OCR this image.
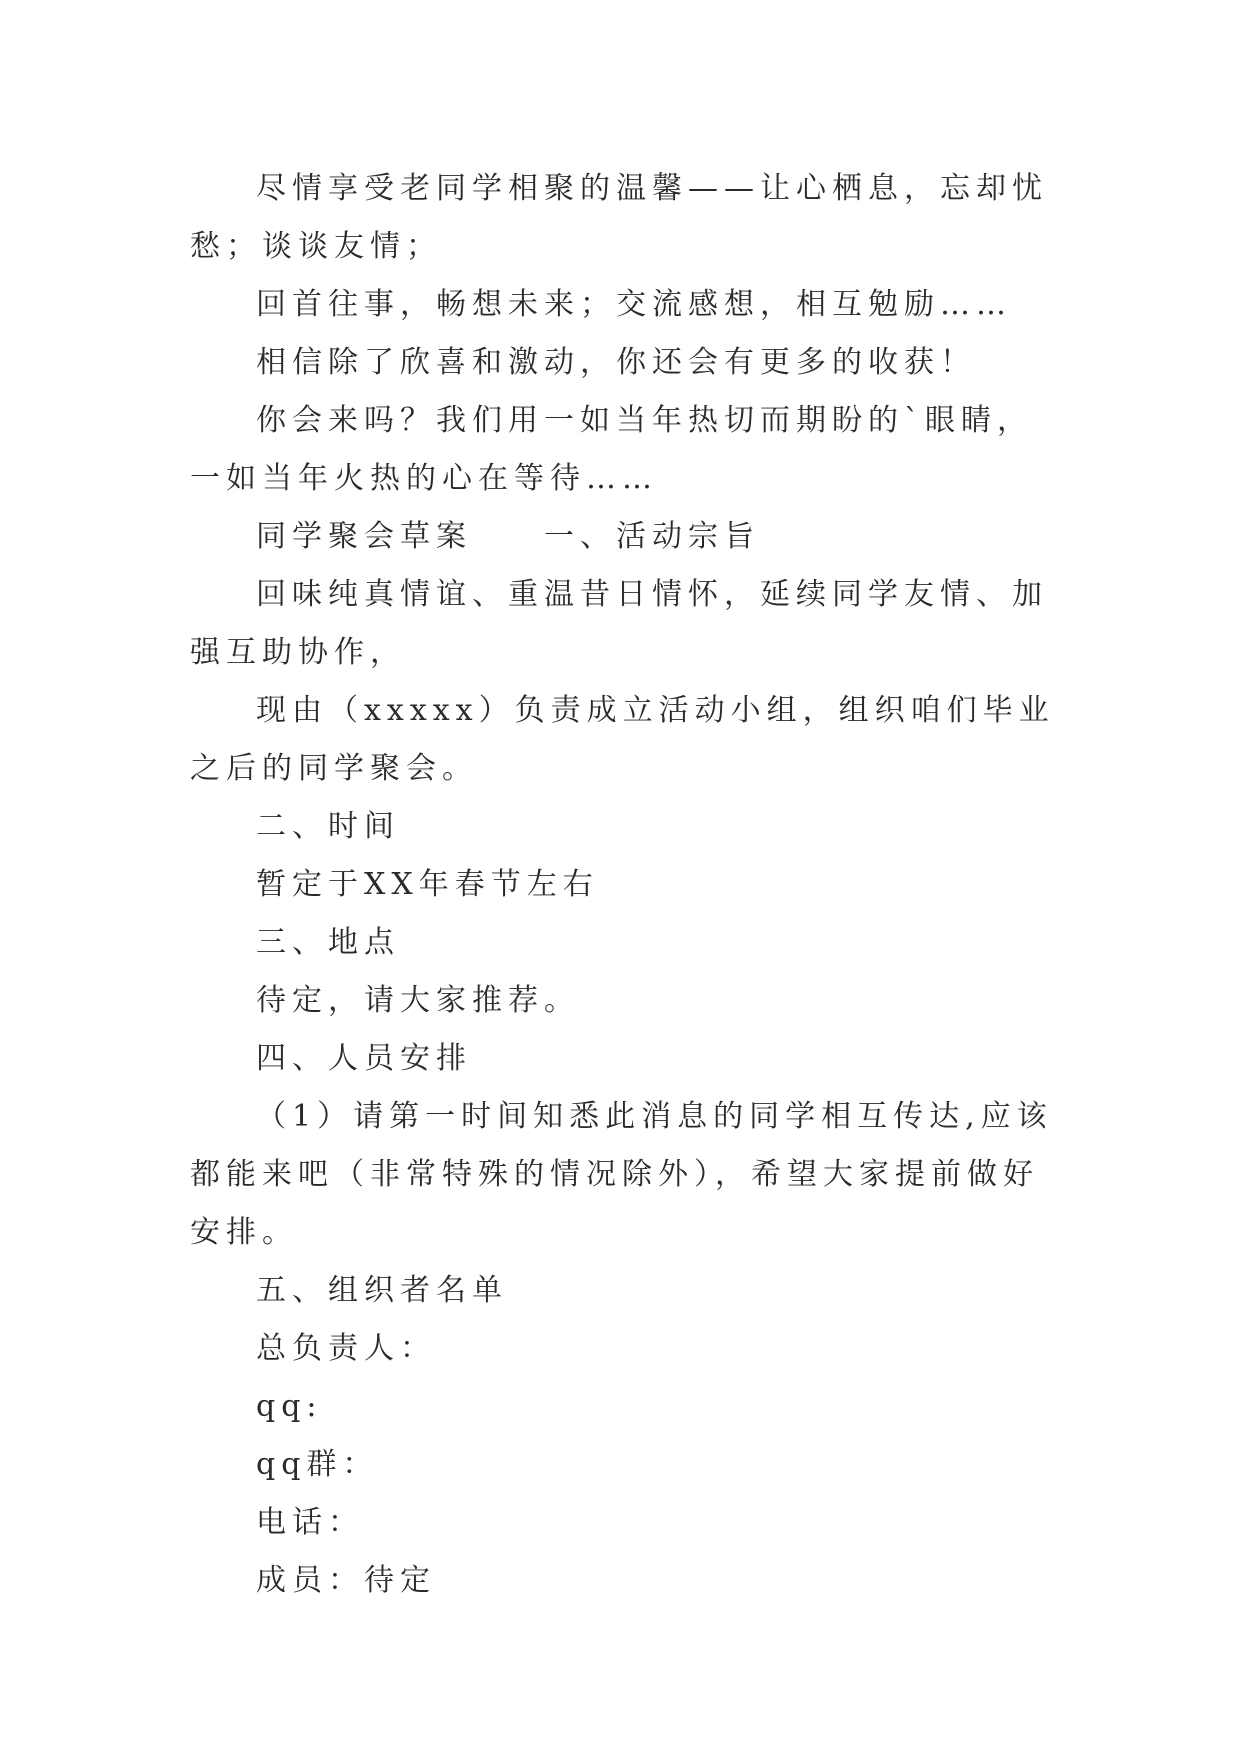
尽情享受老同学相聚的温馨——让心栖息，忘却忧愁；谈谈友情；

回首往事，畅想未来；交流感想，相互勉励……

相信除了欣喜和激动，你还会有更多的收获！

你会来吗？我们用一如当年热切而期盼的`眼睛，一如当年火热的心在等待……

同学聚会草案　　一、活动宗旨

回味纯真情谊、重温昔日情怀，延续同学友情、加强互助协作，

现由（xxxxx）负责成立活动小组，组织咱们毕业之后的同学聚会。

二、时间

暂定于XX年春节左右

三、地点

待定，请大家推荐。

四、人员安排

（1）请第一时间知悉此消息的同学相互传达,应该都能来吧（非常特殊的情况除外），希望大家提前做好安排。

五、组织者名单

总负责人：

qq:

qq群：

电话：

成员：待定
